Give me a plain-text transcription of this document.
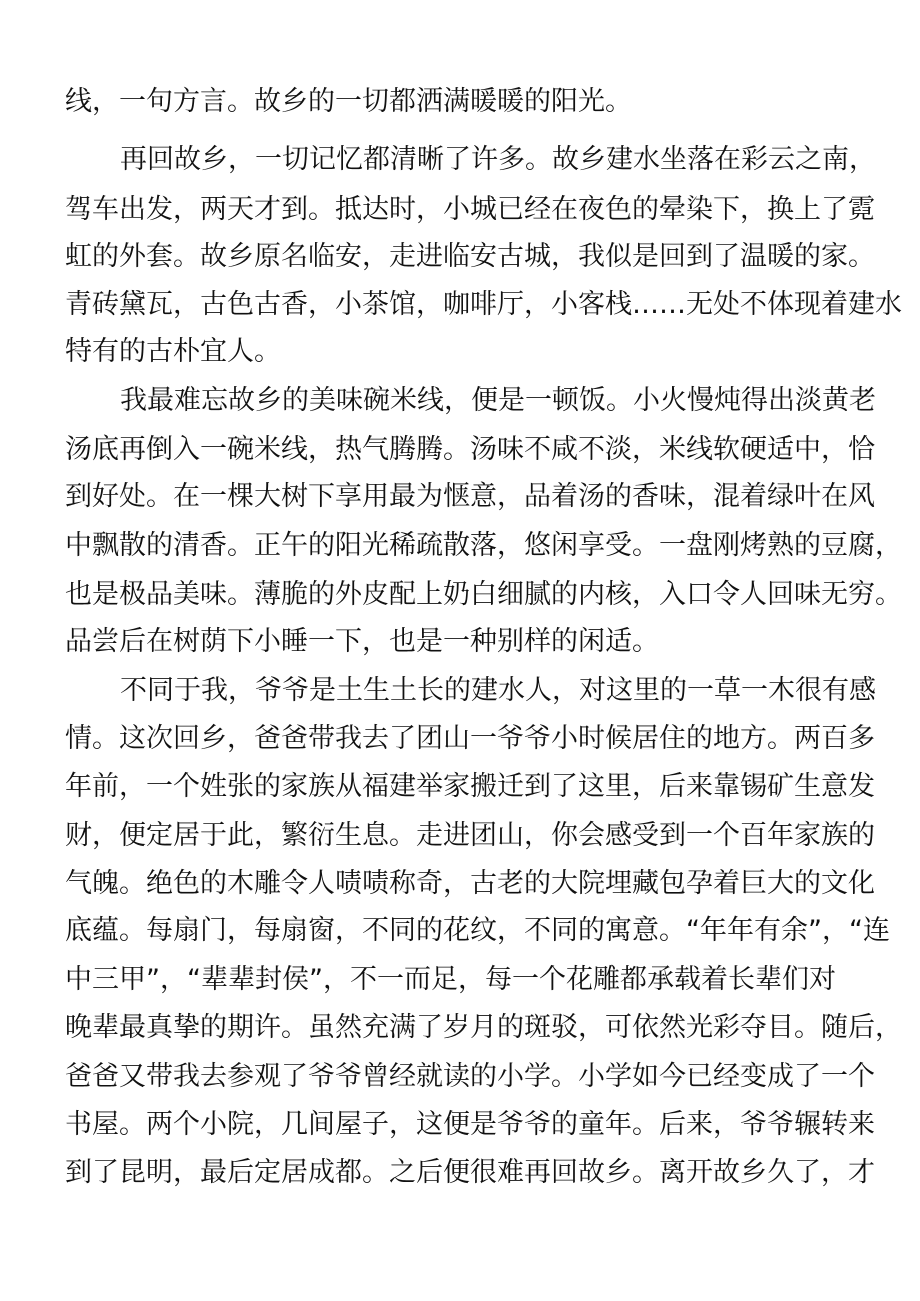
线，一句方言。故乡的一切都洒满暖暖的阳光。
再回故乡，一切记忆都清晰了许多。故乡建水坐落在彩云之南，
驾车出发，两天才到。抵达时，小城已经在夜色的晕染下，换上了霓
虹的外套。故乡原名临安，走进临安古城，我似是回到了温暖的家。
青砖黛瓦，古色古香，小茶馆，咖啡厅，小客栈……无处不体现着建水
特有的古朴宜人。
我最难忘故乡的美味碗米线，便是一顿饭。小火慢炖得出淡黄老
汤底再倒入一碗米线，热气腾腾。汤味不咸不淡，米线软硬适中，恰
到好处。在一棵大树下享用最为惬意，品着汤的香味，混着绿叶在风
中飘散的清香。正午的阳光稀疏散落，悠闲享受。一盘刚烤熟的豆腐，
也是极品美味。薄脆的外皮配上奶白细腻的内核，入口令人回味无穷。
品尝后在树荫下小睡一下，也是一种别样的闲适。
不同于我，爷爷是土生土长的建水人，对这里的一草一木很有感
情。这次回乡，爸爸带我去了团山一爷爷小时候居住的地方。两百多
年前，一个姓张的家族从福建举家搬迁到了这里，后来靠锡矿生意发
财，便定居于此，繁衍生息。走进团山，你会感受到一个百年家族的
气魄。绝色的木雕令人啧啧称奇，古老的大院埋藏包孕着巨大的文化
底蕴。每扇门，每扇窗，不同的花纹，不同的寓意。“年年有余”，“连
中三甲”，“辈辈封侯”，不一而足，每一个花雕都承载着长辈们对
晚辈最真挚的期许。虽然充满了岁月的斑驳，可依然光彩夺目。随后，
爸爸又带我去参观了爷爷曾经就读的小学。小学如今已经变成了一个
书屋。两个小院，几间屋子，这便是爷爷的童年。后来，爷爷辗转来
到了昆明，最后定居成都。之后便很难再回故乡。离开故乡久了，才
